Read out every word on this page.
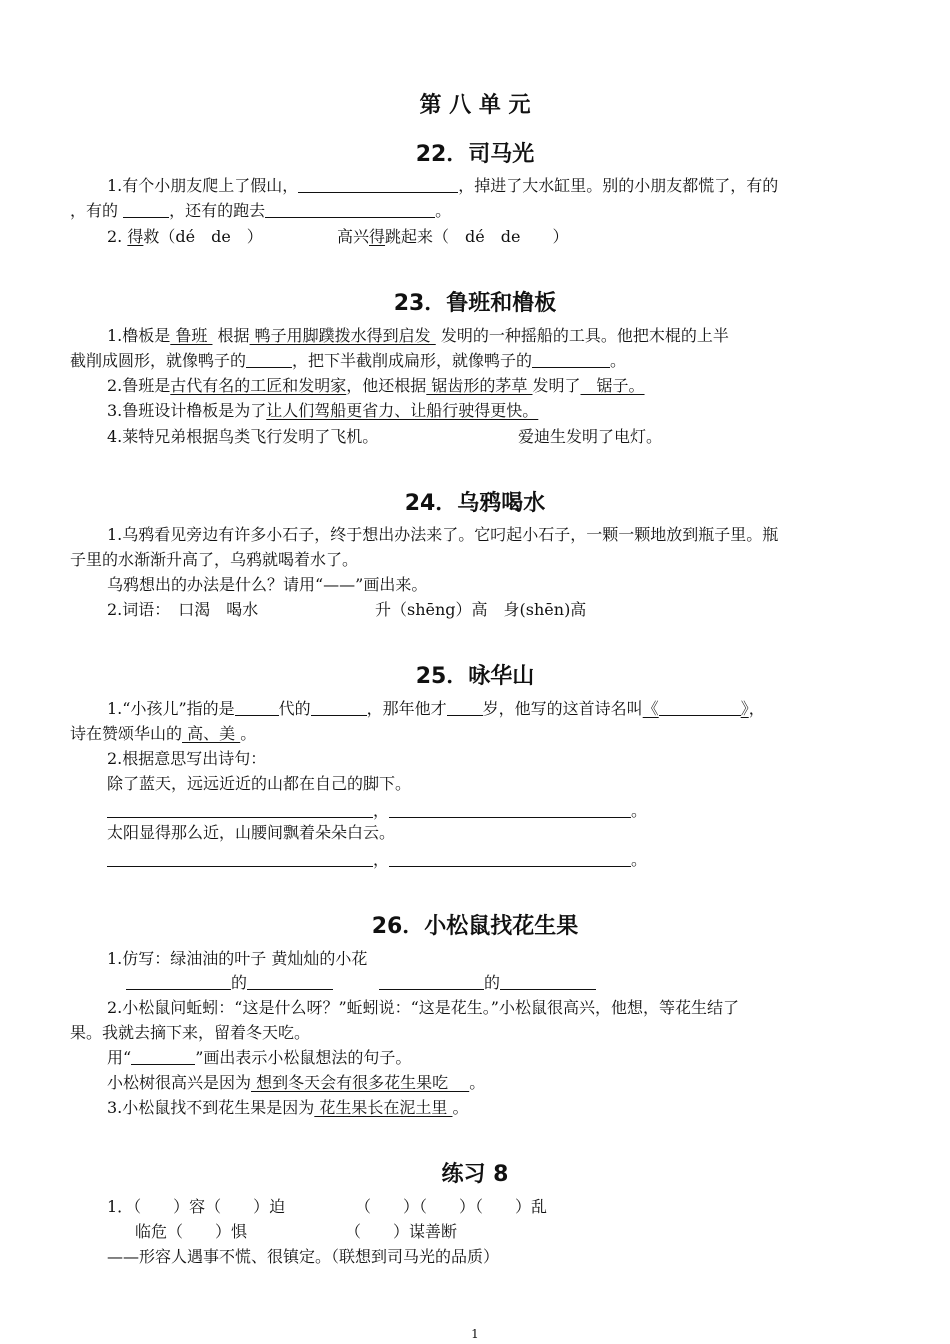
第 八 单 元
22．司马光
1.有个小朋友爬上了假山，	，掉进了大水缸里。别的小朋友都慌了，有的
，有的	，还有的跑去	。
2. 得救（dé　de　）	高兴得跳起来（　dé　de　　）
23．鲁班和橹板
1.橹板是 鲁班  根据 鸭子用脚蹼拨水得到启发  发明的一种摇船的工具。他把木棍的上半
截削成圆形，就像鸭子的	，把下半截削成扁形，就像鸭子的	。
2.鲁班是古代有名的工匠和发明家，他还根据 锯齿形的茅草 发明了　锯子。
3.鲁班设计橹板是为了让人们驾船更省力、让船行驶得更快。
4.莱特兄弟根据鸟类飞行发明了飞机。	爱迪生发明了电灯。
24．乌鸦喝水
1.乌鸦看见旁边有许多小石子，终于想出办法来了。它叼起小石子，一颗一颗地放到瓶子里。瓶
子里的水渐渐升高了，乌鸦就喝着水了。
乌鸦想出的办法是什么？请用“——”画出来。
2.词语：　口渴　喝水	升（shēng）高　身(shēn)高
25．咏华山
1.“小孩儿”指的是	代的	，那年他才 岁，他写的这首诗名叫《	》，
诗在赞颂华山的 高、美 。
2.根据意思写出诗句：
除了蓝天，远远近近的山都在自己的脚下。
，	。
太阳显得那么近，山腰间飘着朵朵白云。
，	。
26．小松鼠找花生果
1.仿写：绿油油的叶子 黄灿灿的小花
的	的
2.小松鼠问蚯蚓：“这是什么呀？”蚯蚓说：“这是花生。”小松鼠很高兴，他想，等花生结了
果。我就去摘下来，留着冬天吃。
用“	”画出表示小松鼠想法的句子。
小松树很高兴是因为 想到冬天会有很多花生果吃　 。
3.小松鼠找不到花生果是因为 花生果长在泥土里 。
练习 8
1．（　　）容（　　）迫	（　　）（　　）（　　）乱
临危（　　）惧	（　　）谋善断
——形容人遇事不慌、很镇定。（联想到司马光的品质）
1
